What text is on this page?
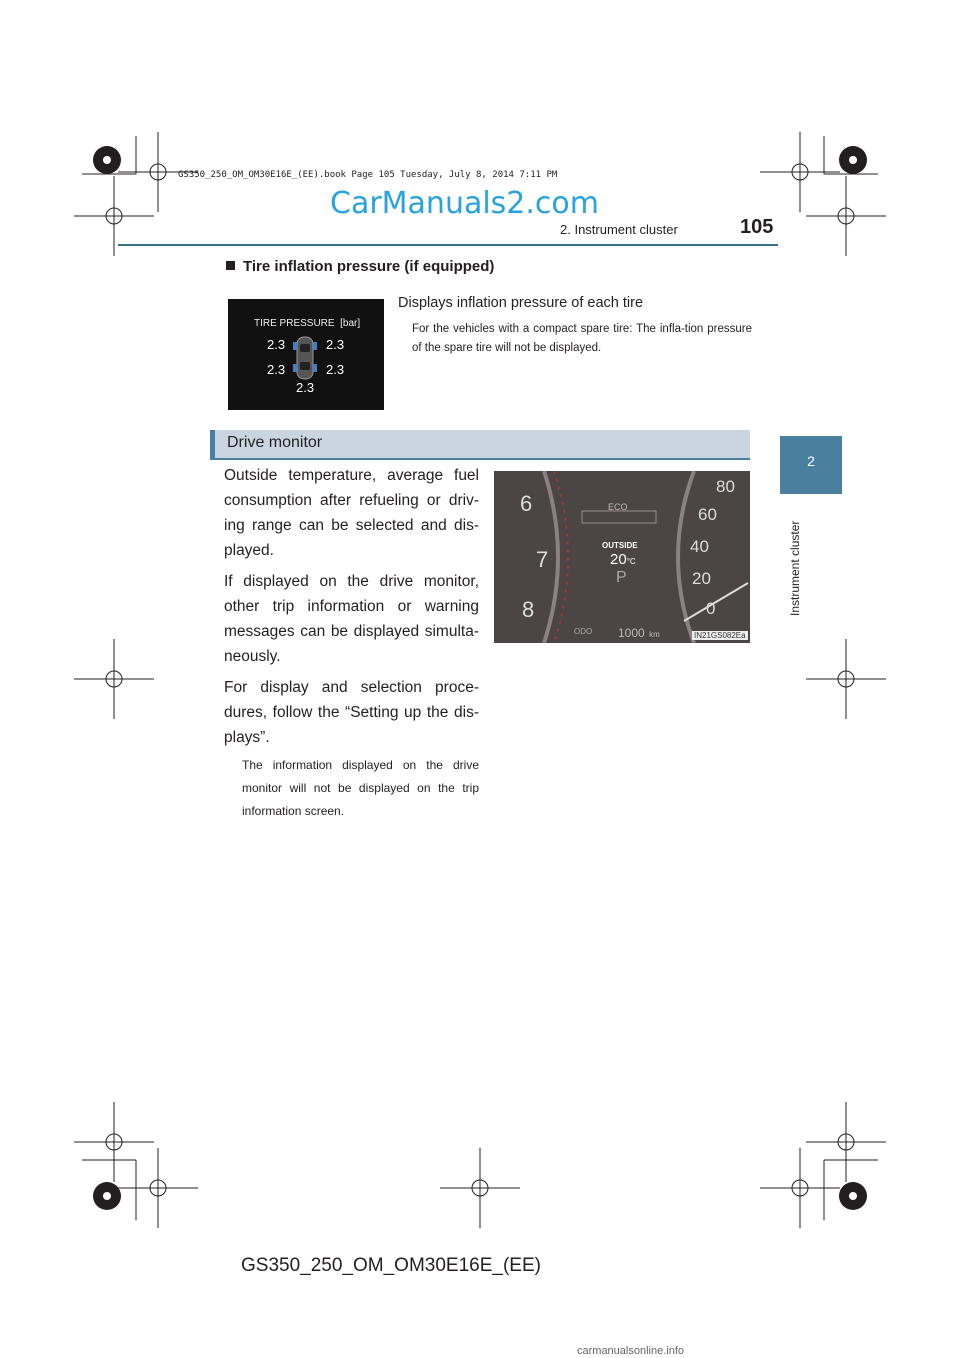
GS350_250_OM_OM30E16E_(EE).book Page 105 Tuesday, July 8, 2014 7:11 PM
CarManuals2.com
2. Instrument cluster	105
2
Instrument cluster
Tire inflation pressure (if equipped)
TIRE PRESSURE [bar]
2.3	2.3
2.3	2.3
2.3
Displays inflation pressure of each tire
For the vehicles with a compact spare tire: The infla-tion pressure of the spare tire will not be displayed.
Drive monitor

Outside temperature, average fuel consumption after refueling or driv-ing range can be selected and dis-played.

If displayed on the drive monitor, other trip information or warning messages can be displayed simulta-neously.

For display and selection proce-dures, follow the “Setting up the dis-plays”.

The information displayed on the drive monitor will not be displayed on the trip information screen.
6
7
8
80
60
40
20
0
ECO
OUTSIDE
20°C
P
ODO 1000 km	IN21GS082Ea
GS350_250_OM_OM30E16E_(EE)
carmanualsonline.info
